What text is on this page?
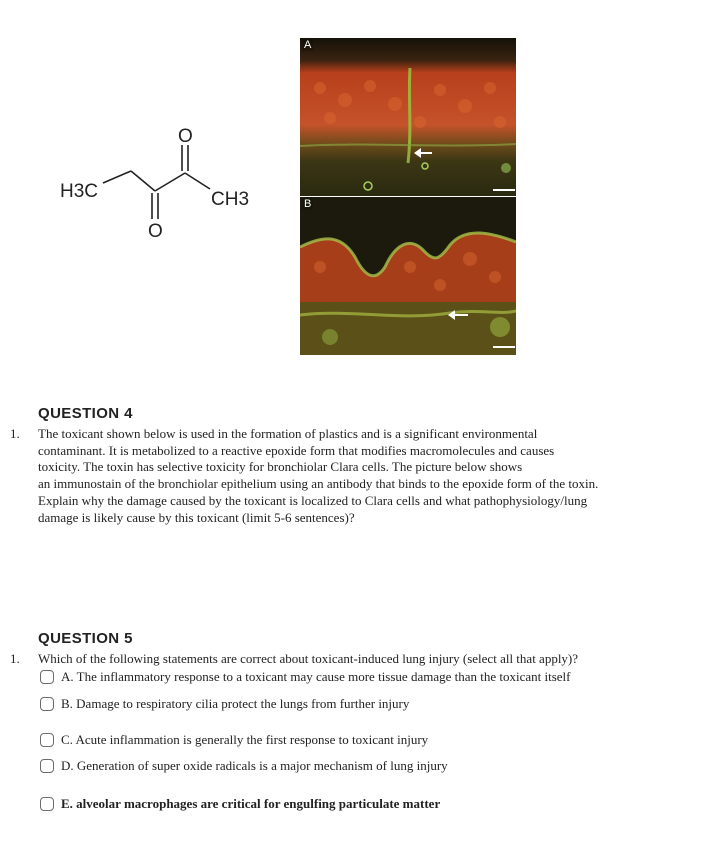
H3C	CH3
O
O
A
B
QUESTION 4
1. The toxicant shown below is used in the formation of plastics and is a significant environmental
contaminant. It is metabolized to a reactive epoxide form that modifies macromolecules and causes
toxicity. The toxin has selective toxicity for bronchiolar Clara cells. The picture below shows
an immunostain of the bronchiolar epithelium using an antibody that binds to the epoxide form of the toxin.
Explain why the damage caused by the toxicant is localized to Clara cells and what pathophysiology/lung
damage is likely cause by this toxicant (limit 5-6 sentences)?
QUESTION 5
1. Which of the following statements are correct about toxicant-induced lung injury (select all that apply)?
A. The inflammatory response to a toxicant may cause more tissue damage than the toxicant itself
B. Damage to respiratory cilia protect the lungs from further injury
C. Acute inflammation is generally the first response to toxicant injury
D. Generation of super oxide radicals is a major mechanism of lung injury
E. alveolar macrophages are critical for engulfing particulate matter
